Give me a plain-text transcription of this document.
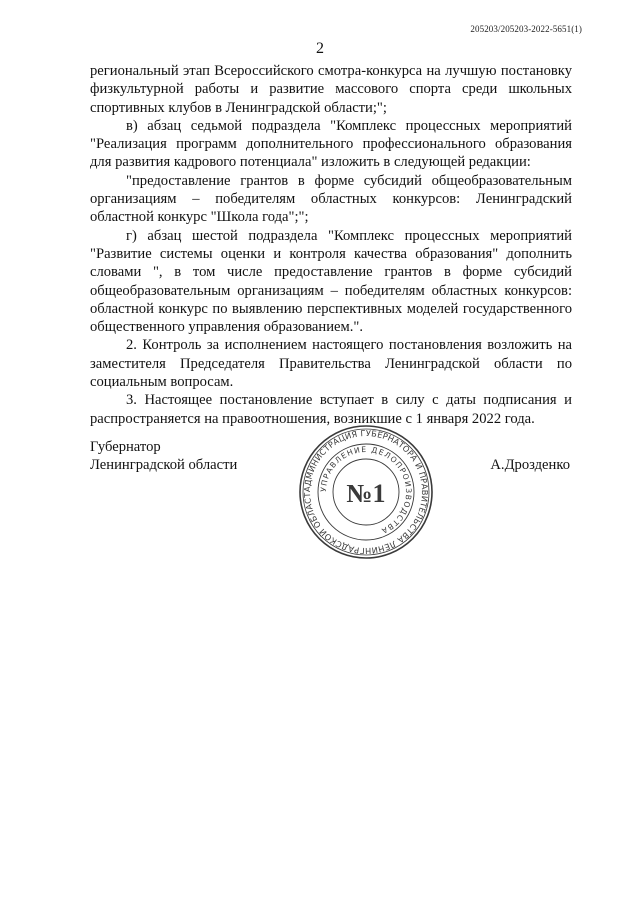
205203/205203-2022-5651(1)
2

региональный этап Всероссийского смотра-конкурса на лучшую постановку физкультурной работы и развитие массового спорта среди школьных спортивных клубов в Ленинградской области;";

в) абзац седьмой подраздела "Комплекс процессных мероприятий "Реализация программ дополнительного профессионального образования для развития кадрового потенциала" изложить в следующей редакции:

"предоставление грантов в форме субсидий общеобразовательным организациям – победителям областных конкурсов: Ленинградский областной конкурс "Школа года";";

г) абзац шестой подраздела "Комплекс процессных мероприятий "Развитие системы оценки и контроля качества образования" дополнить словами ", в том числе предоставление грантов в форме субсидий общеобразовательным организациям – победителям областных конкурсов: областной конкурс по выявлению перспективных моделей государственного общественного управления образованием.".

2. Контроль за исполнением настоящего постановления возложить на заместителя Председателя Правительства Ленинградской области по социальным вопросам.

3. Настоящее постановление вступает в силу с даты подписания и распространяется на правоотношения, возникшие с 1 января 2022 года.

Губернатор
Ленинградской области	А.Дрозденко
АДМИНИСТРАЦИЯ ГУБЕРНАТОРА И ПРАВИТЕЛЬСТВА ЛЕНИНГРАДСКОЙ ОБЛАСТ
УПРАВЛЕНИЕ ДЕЛОПРОИЗВОДСТВА
№1
